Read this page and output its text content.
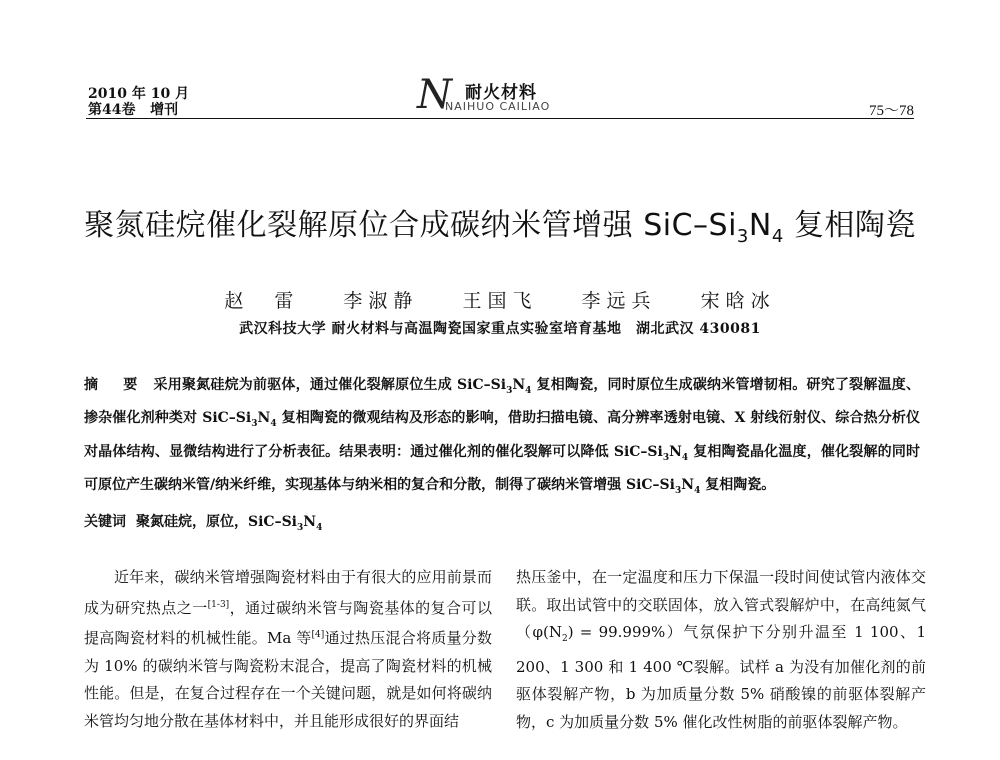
2010 年 10 月
第44卷   增刊	N 耐火材料
NAIHUO CAILIAO	75～78
聚氮硅烷催化裂解原位合成碳纳米管增强 SiC–$Si_3N_4$ 复相陶瓷
赵　雷 李淑静 王国飞 李远兵 宋晗冰
武汉科技大学 耐火材料与高温陶瓷国家重点实验室培育基地　湖北武汉 430081
摘 要 采用聚氮硅烷为前驱体，通过催化裂解原位生成 SiC–$Si_3N_4$ 复相陶瓷，同时原位生成碳纳米管增韧相。研究了裂解温度、掺杂催化剂种类对 SiC–$Si_3N_4$ 复相陶瓷的微观结构及形态的影响，借助扫描电镜、高分辨率透射电镜、X 射线衍射仪、综合热分析仪对晶体结构、显微结构进行了分析表征。结果表明：通过催化剂的催化裂解可以降低 SiC–$Si_3N_4$ 复相陶瓷晶化温度，催化裂解的同时可原位产生碳纳米管/纳米纤维，实现基体与纳米相的复合和分散，制得了碳纳米管增强 SiC–$Si_3N_4$ 复相陶瓷。
关键词 聚氮硅烷，原位，SiC–$Si_3N_4$

近年来，碳纳米管增强陶瓷材料由于有很大的应用前景而成为研究热点之一[1-3]，通过碳纳米管与陶瓷基体的复合可以提高陶瓷材料的机械性能。Ma 等[4]通过热压混合将质量分数为 10% 的碳纳米管与陶瓷粉末混合，提高了陶瓷材料的机械性能。但是，在复合过程存在一个关键问题，就是如何将碳纳米管均匀地分散在基体材料中，并且能形成很好的界面结

热压釜中，在一定温度和压力下保温一段时间使试管内液体交联。取出试管中的交联固体，放入管式裂解炉中，在高纯氮气$(\varphi(N_2) = 99.999\%)$气氛保护下分别升温至 1 100、1 200、1 300 和 1 400 ℃裂解。试样 a 为没有加催化剂的前驱体裂解产物，b 为加质量分数 5% 硝酸镍的前驱体裂解产物，c 为加质量分数 5% 催化改性树脂的前驱体裂解产物。
